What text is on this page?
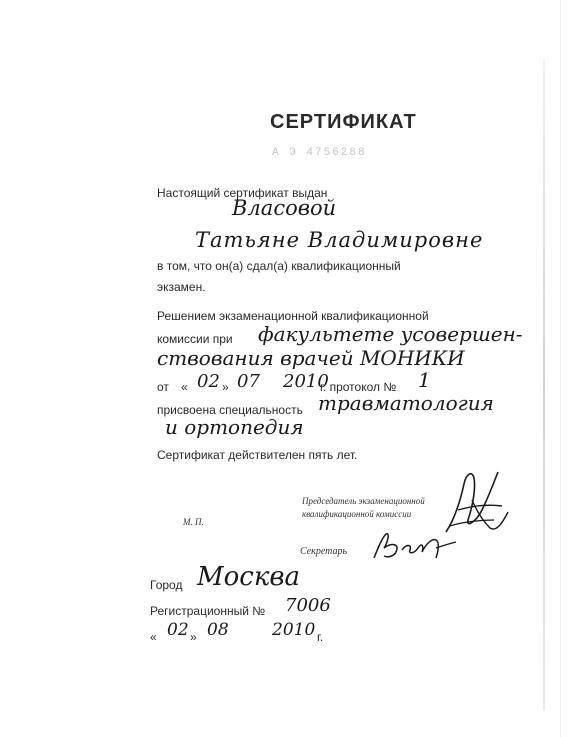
СЕРТИФИКАТ
А Э 4756288
Настоящий сертификат выдан
Власовой
Татьяне Владимировне
в том, что он(а) сдал(а) квалификационный
экзамен.
Решением экзаменационной квалификационной
комиссии при факультете усовершен-
ствования врачей МОНИКИ
от « 02 » 07 2010
г. протокол № 1
присвоена специальность травматология
и ортопедия
Сертификат действителен пять лет.
Председатель экзаменационной
квалификационной комиссии
М. П.
Секретарь
Город Москва
Регистрационный № 7006
« 02 » 08	2010 г.
